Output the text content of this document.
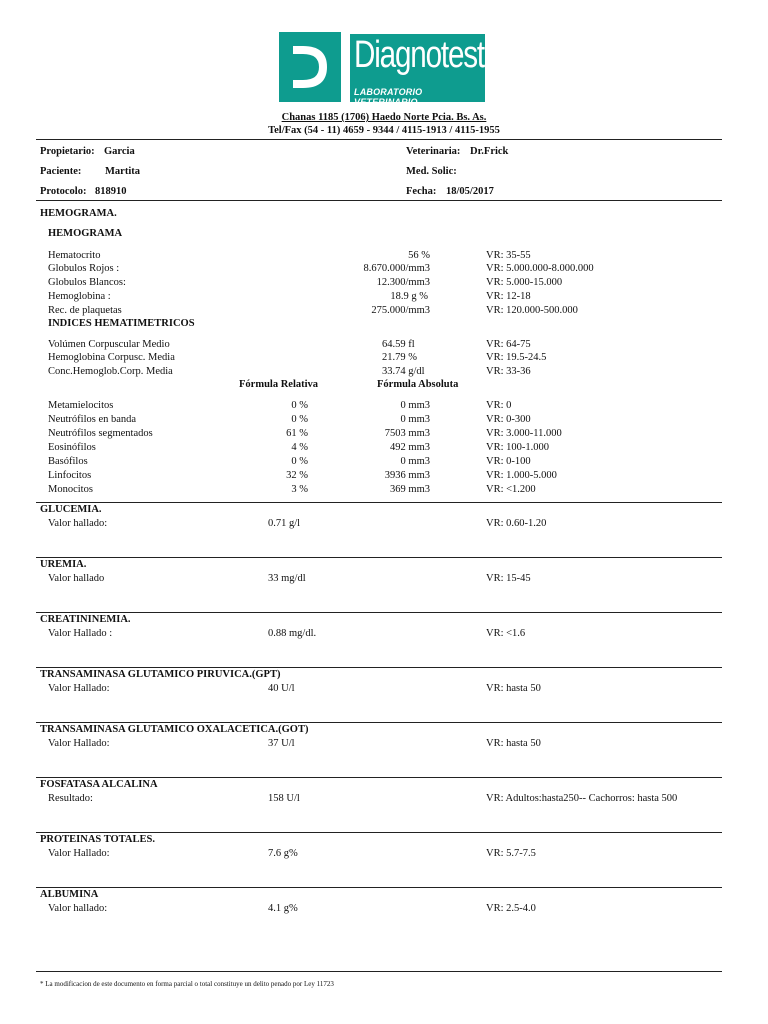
Diagnotest
LABORATORIO VETERINARIO
Chanas 1185 (1706) Haedo Norte Pcia. Bs. As.
Tel/Fax (54 - 11) 4659 - 9344 / 4115-1913 / 4115-1955
Propietario: Garcia	Veterinaria: Dr.Frick
Paciente: Martita	Med. Solic:
Protocolo: 818910	Fecha: 18/05/2017
HEMOGRAMA.
HEMOGRAMA
Hematocrito	56 %	VR: 35-55
Globulos Rojos :	8.670.000/mm3	VR: 5.000.000-8.000.000
Globulos Blancos:	12.300/mm3	VR: 5.000-15.000
Hemoglobina :	18.9 g %	VR: 12-18
Rec. de plaquetas	275.000/mm3	VR: 120.000-500.000
INDICES HEMATIMETRICOS
Volúmen Corpuscular Medio	64.59 fl	VR: 64-75
Hemoglobina Corpusc. Media	21.79 %	VR: 19.5-24.5
Conc.Hemoglob.Corp. Media	33.74 g/dl	VR: 33-36
Fórmula Relativa	Fórmula Absoluta
Metamielocitos	0 %	0 mm3	VR: 0
Neutrófilos en banda	0 %	0 mm3	VR: 0-300
Neutrófilos segmentados	61 %	7503 mm3	VR: 3.000-11.000
Eosinófilos	4 %	492 mm3	VR: 100-1.000
Basófilos	0 %	0 mm3	VR: 0-100
Linfocitos	32 %	3936 mm3	VR: 1.000-5.000
Monocitos	3 %	369 mm3	VR: <1.200
GLUCEMIA.
Valor hallado:	0.71 g/l	VR: 0.60-1.20
UREMIA.
Valor hallado	33 mg/dl	VR: 15-45
CREATININEMIA.
Valor Hallado :	0.88 mg/dl.	VR: <1.6
TRANSAMINASA GLUTAMICO PIRUVICA.(GPT)
Valor Hallado:	40 U/l	VR: hasta 50
TRANSAMINASA GLUTAMICO OXALACETICA.(GOT)
Valor Hallado:	37 U/l	VR: hasta 50
FOSFATASA ALCALINA
Resultado:	158 U/l	VR: Adultos:hasta250-- Cachorros: hasta 500
PROTEINAS TOTALES.
Valor Hallado:	7.6 g%	VR: 5.7-7.5
ALBUMINA
Valor hallado:	4.1 g%	VR: 2.5-4.0
* La modificacion de este documento en forma parcial o total constituye un delito penado por Ley 11723
